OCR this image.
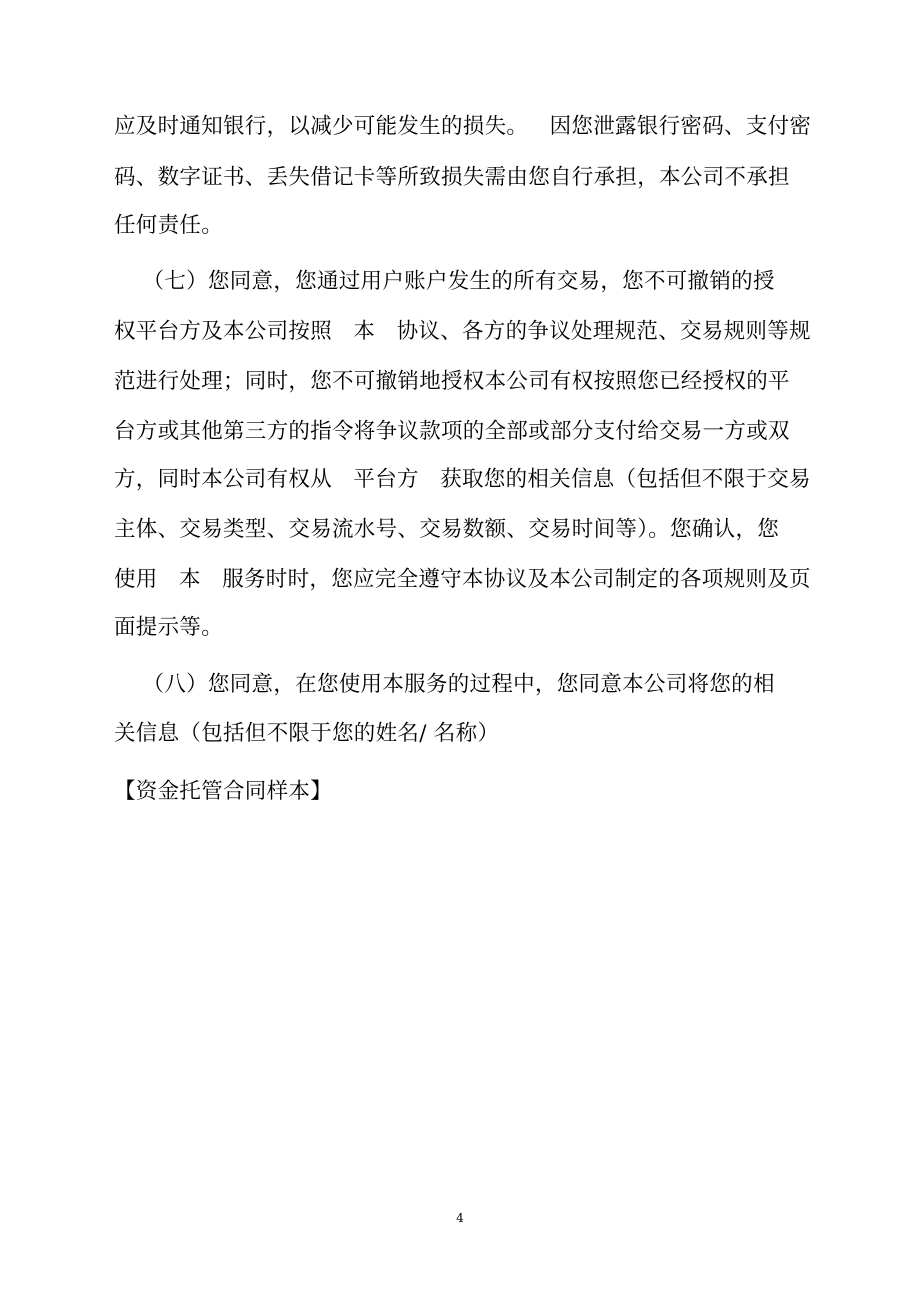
应及时通知银行，以减少可能发生的损失。   因您泄露银行密码、支付密
码、数字证书、丢失借记卡等所致损失需由您自行承担，本公司不承担
任何责任。
（七）您同意，您通过用户账户发生的所有交易，您不可撤销的授
权平台方及本公司按照   本   协议、各方的争议处理规范、交易规则等规
范进行处理；同时，您不可撤销地授权本公司有权按照您已经授权的平
台方或其他第三方的指令将争议款项的全部或部分支付给交易一方或双
方，同时本公司有权从   平台方   获取您的相关信息（包括但不限于交易
主体、交易类型、交易流水号、交易数额、交易时间等）。您确认，您
使用   本   服务时时，您应完全遵守本协议及本公司制定的各项规则及页
面提示等。
（八）您同意，在您使用本服务的过程中，您同意本公司将您的相
关信息（包括但不限于您的姓名/ 名称）
【资金托管合同样本】
4
